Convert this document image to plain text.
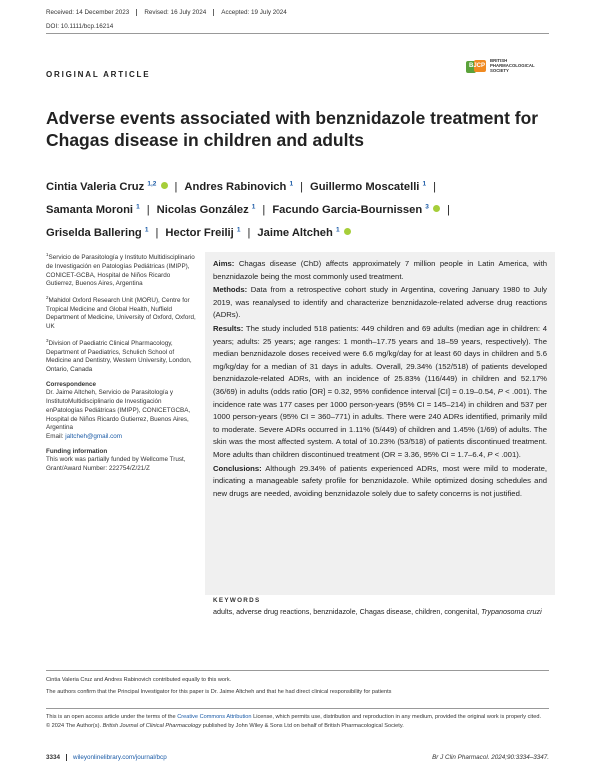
Received: 14 December 2023	Revised: 16 July 2024	Accepted: 19 July 2024
DOI: 10.1111/bcp.16214
ORIGINAL ARTICLE
BJCP
BRITISH
PHARMACOLOGICAL
SOCIETY
Adverse events associated with benznidazole treatment for Chagas disease in children and adults
Cintia Valeria Cruz $^{1,2}$ | Andres Rabinovich $^1$ | Guillermo Moscatelli $^1$ |
Samanta Moroni $^1$ | Nicolas González $^1$ | Facundo Garcia-Bournissen $^3$ |
Griselda Ballering $^1$ | Hector Freilij $^1$ | Jaime Altcheh $^1$

$^1$Servicio de Parasitología y Instituto Multidisciplinario de Investigación en Patologías Pediátricas (IMIPP), CONICET-GCBA, Hospital de Niños Ricardo Gutierrez, Buenos Aires, Argentina

$^2$Mahidol Oxford Research Unit (MORU), Centre for Tropical Medicine and Global Health, Nuffield Department of Medicine, University of Oxford, Oxford, UK

$^3$Division of Paediatric Clinical Pharmacology, Department of Paediatrics, Schulich School of Medicine and Dentistry, Western University, London, Ontario, Canada

Correspondence

Dr. Jaime Altcheh, Servicio de Parasitología y InstitutoMultidisciplinario de Investigación enPatologías Pediátricas (IMIPP), CONICETGCBA, Hospital de Niños Ricardo Gutierrez, Buenos Aires, Argentina
Email: jaltcheh@gmail.com

Funding information

This work was partially funded by Wellcome Trust, Grant/Award Number: 222754/Z/21/Z

Aims: Chagas disease (ChD) affects approximately 7 million people in Latin America, with benznidazole being the most commonly used treatment.

Methods: Data from a retrospective cohort study in Argentina, covering January 1980 to July 2019, was reanalysed to identify and characterize benznidazole-related adverse drug reactions (ADRs).

Results: The study included 518 patients: 449 children and 69 adults (median age in children: 4 years; adults: 25 years; age ranges: 1 month–17.75 years and 18–59 years, respectively). The median benznidazole doses received were 6.6 mg/kg/day for at least 60 days in children and 5.6 mg/kg/day for a median of 31 days in adults. Overall, 29.34% (152/518) of patients developed benznidazole-related ADRs, with an incidence of 25.83% (116/449) in children and 52.17% (36/69) in adults (odds ratio [OR] = 0.32, 95% confidence interval [CI] = 0.19–0.54, P < .001). The incidence rate was 177 cases per 1000 person-years (95% CI = 145–214) in children and 537 per 1000 person-years (95% CI = 360–771) in adults. There were 240 ADRs identified, primarily mild to moderate. Severe ADRs occurred in 1.11% (5/449) of children and 1.45% (1/69) of adults. The skin was the most affected system. A total of 10.23% (53/518) of patients discontinued treatment. More adults than children discontinued treatment (OR = 3.36, 95% CI = 1.7–6.4, P < .001).

Conclusions: Although 29.34% of patients experienced ADRs, most were mild to moderate, indicating a manageable safety profile for benznidazole. While optimized dosing schedules and new drugs are needed, avoiding benznidazole solely due to safety concerns is not justified.

KEYWORDS
adults, adverse drug reactions, benznidazole, Chagas disease, children, congenital, Trypanosoma cruzi
Cintia Valeria Cruz and Andres Rabinovich contributed equally to this work.
The authors confirm that the Principal Investigator for this paper is Dr. Jaime Altcheh and that he had direct clinical responsibility for patients

This is an open access article under the terms of the Creative Commons Attribution License, which permits use, distribution and reproduction in any medium, provided the original work is properly cited.

© 2024 The Author(s). British Journal of Clinical Pharmacology published by John Wiley & Sons Ltd on behalf of British Pharmacological Society.

3334	wileyonlinelibrary.com/journal/bcp	Br J Clin Pharmacol. 2024;90:3334–3347.
